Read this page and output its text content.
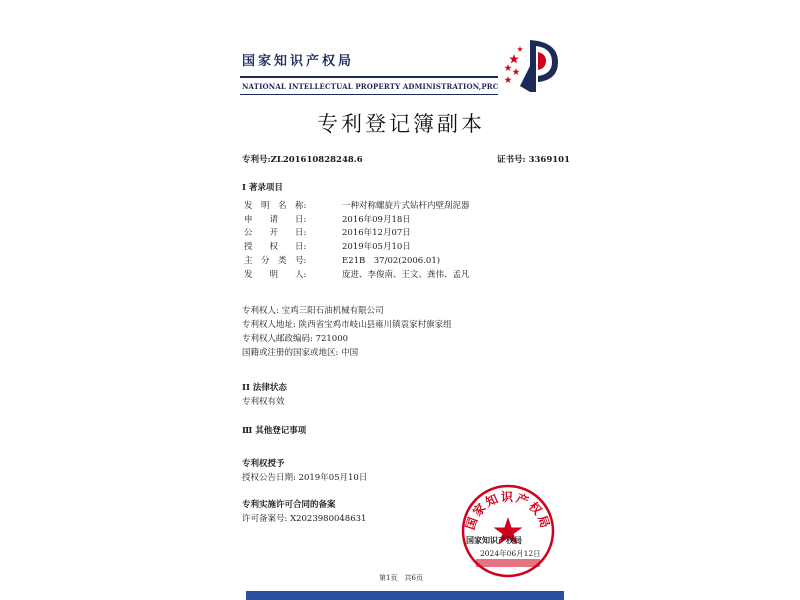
国家知识产权局
NATIONAL INTELLECTUAL PROPERTY ADMINISTRATION,PRC
专利登记簿副本
专利号:ZL201610828248.6	证书号: 3369101
I 著录项目
发　明　名　称:	一种对称螺旋片式钻杆内壁刮泥器
申　　请　　日:	2016年09月18日
公　　开　　日:	2016年12月07日
授　　权　　日:	2019年05月10日
主　分　类　号:	E21B　37/02(2006.01)
发　　明　　人:	庞进、李俊南、王文、龚伟、孟凡
专利权人: 宝鸡三阳石油机械有限公司
专利权人地址: 陕西省宝鸡市岐山县雍川镇袁家村旗家组
专利权人邮政编码: 721000
国籍或注册的国家或地区: 中国
II 法律状态
专利权有效
Ⅲ 其他登记事项
专利权授予
授权公告日期: 2019年05月10日
专利实施许可合同的备案
许可备案号: X2023980048631	国家知识产权局
国家知识产权局
2024年06月12日
第1页　共6页
